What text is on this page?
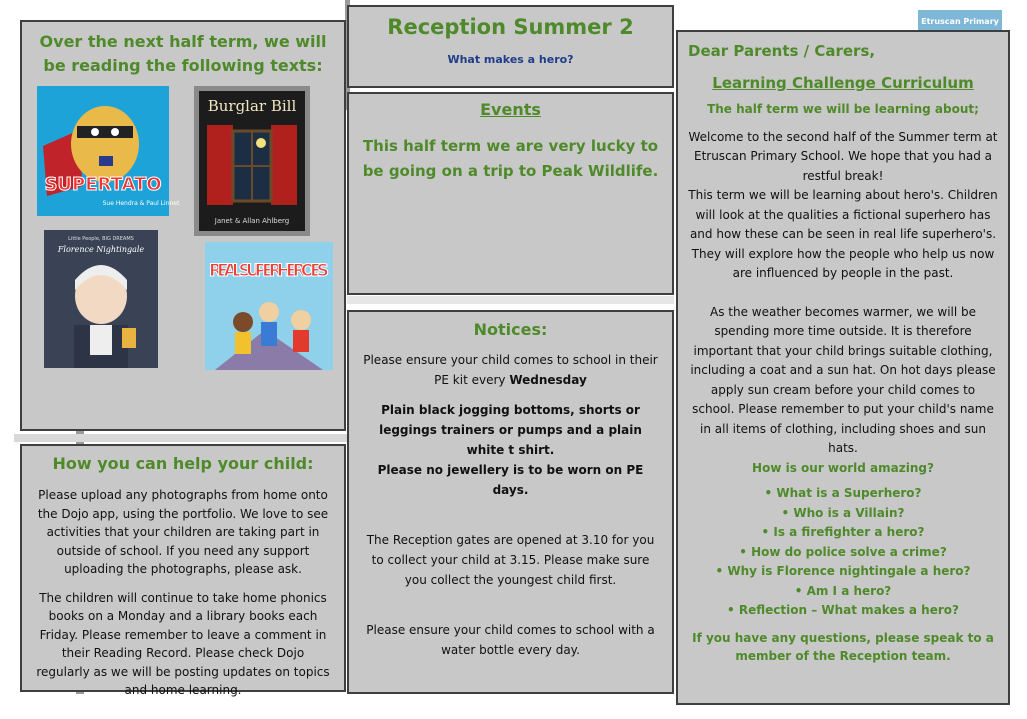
Over the next half term, we will be reading the following texts:

SUPERTATO
Sue Hendra & Paul Linnet
Burglar Bill
Janet & Allan Ahlberg
Little People, BIG DREAMS
Florence Nightingale
REAL SUPERHEROES

How you can help your child:

Please upload any photographs from home onto the Dojo app, using the portfolio. We love to see activities that your children are taking part in outside of school. If you need any support uploading the photographs, please ask.

The children will continue to take home phonics books on a Monday and a library books each Friday. Please remember to leave a comment in their Reading Record. Please check Dojo regularly as we will be posting updates on topics and home learning.

Reception Summer 2

What makes a hero?

Events

This half term we are very lucky to be going on a trip to Peak Wildlife.

Notices:

Please ensure your child comes to school in their PE kit every Wednesday

Plain black jogging bottoms, shorts or leggings trainers or pumps and a plain white t shirt.

Please no jewellery is to be worn on PE days.

The Reception gates are opened at 3.10 for you to collect your child at 3.15. Please make sure you collect the youngest child first.

Please ensure your child comes to school with a water bottle every day.

Etruscan Primary

Dear Parents / Carers,

Learning Challenge Curriculum

The half term we will be learning about;

Welcome to the second half of the Summer term at Etruscan Primary School. We hope that you had a restful break!

This term we will be learning about hero's. Children will look at the qualities a fictional superhero has and how these can be seen in real life superhero's. They will explore how the people who help us now are influenced by people in the past.

As the weather becomes warmer, we will be spending more time outside. It is therefore important that your child brings suitable clothing, including a coat and a sun hat. On hot days please apply sun cream before your child comes to school. Please remember to put your child's name in all items of clothing, including shoes and sun hats.

How is our world amazing?

• What is a Superhero?
• Who is a Villain?
• Is a firefighter a hero?
• How do police solve a crime?
• Why is Florence nightingale a hero?
• Am I a hero?
• Reflection – What makes a hero?

If you have any questions, please speak to a member of the Reception team.
